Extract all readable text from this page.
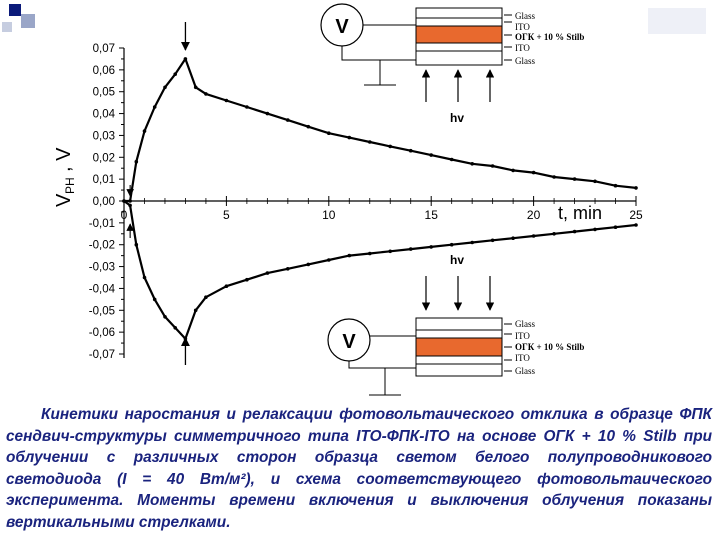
0,07
0,06
0,05
0,04
0,03
0,02
0,01
0,00
-0,01
-0,02
-0,03
-0,04
-0,05
-0,06
-0,07
0	5	10	15	20	25
V
PH
, V
t, min
V	Glass
ITO
ОГК + 10 % Stilb
ITO
Glass
hv
hv
V
Glass
ITO
ОГК + 10 % Stilb
ITO
Glass

Кинетики наростания и релаксации фотовольтаического отклика в образце ФПК сендвич-структуры симметричного типа ITO-ФПК-ITO на основе ОГК + 10 % Stilb при облучении с различных сторон образца светом белого полупроводникового светодиода (I = 40 Вт/м²), и схема соответствующего фотовольтаического эксперимента. Моменты времени включения и выключения облучения показаны вертикальными стрелками.
